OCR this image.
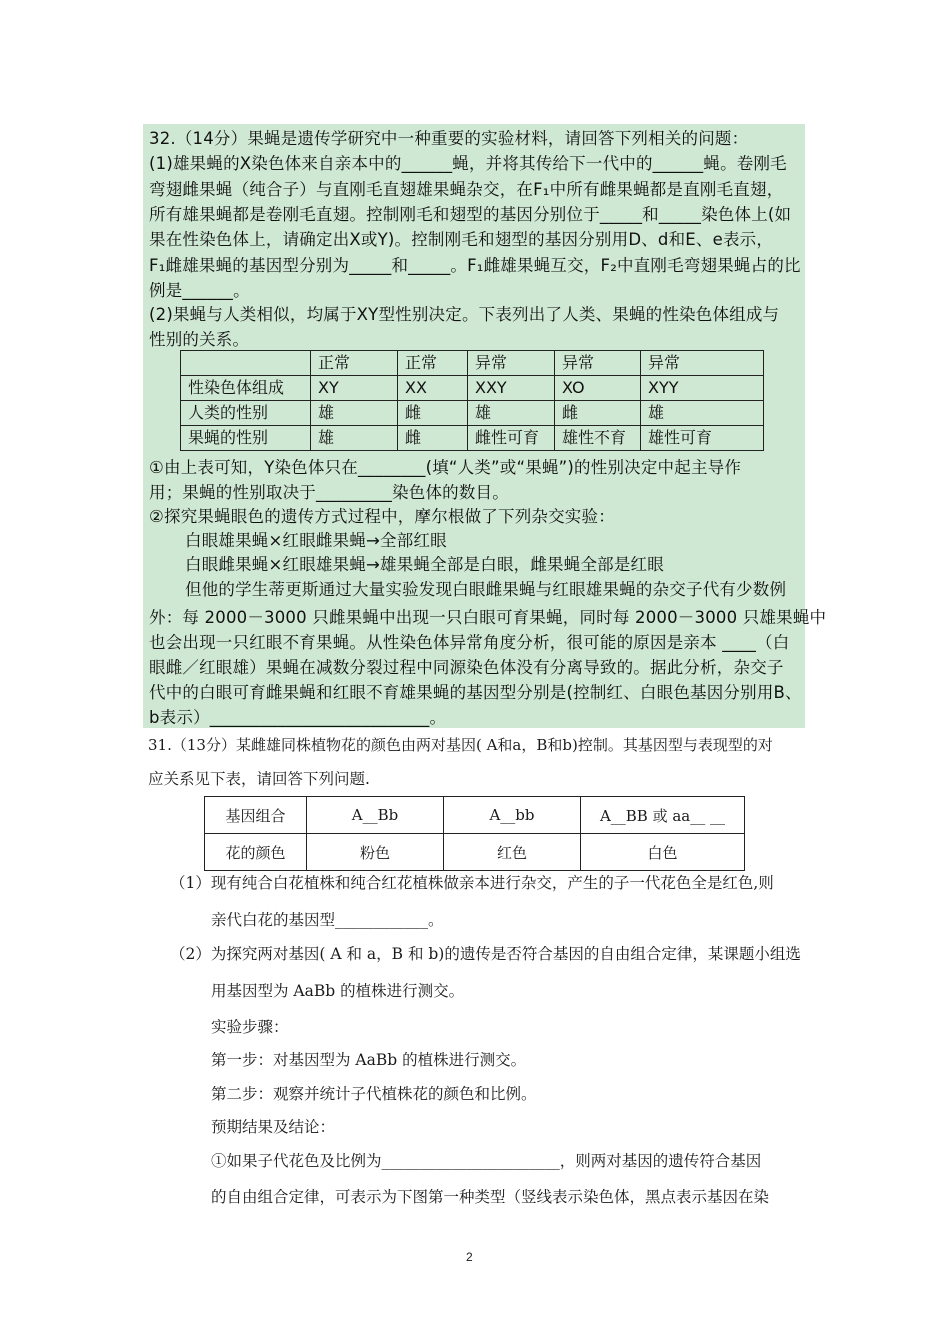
32.（14分）果蝇是遗传学研究中一种重要的实验材料，请回答下列相关的问题：
(1)雄果蝇的X染色体来自亲本中的______蝇，并将其传给下一代中的______蝇。卷刚毛
弯翅雌果蝇（纯合子）与直刚毛直翅雄果蝇杂交，在F₁中所有雌果蝇都是直刚毛直翅，
所有雄果蝇都是卷刚毛直翅。控制刚毛和翅型的基因分别位于_____和_____染色体上(如
果在性染色体上，请确定出X或Y)。控制刚毛和翅型的基因分别用D、d和E、e表示，
F₁雌雄果蝇的基因型分别为_____和_____。F₁雌雄果蝇互交，F₂中直刚毛弯翅果蝇占的比
例是______。
(2)果蝇与人类相似，均属于XY型性别决定。下表列出了人类、果蝇的性染色体组成与
性别的关系。
	正常	正常	异常	异常	异常
性染色体组成	XY	XX	XXY	XO	XYY
人类的性别	雄	雌	雄	雌	雄
果蝇的性别	雄	雌	雌性可育	雄性不育	雄性可育
①由上表可知，Y染色体只在________(填“人类”或“果蝇”)的性别决定中起主导作
用；果蝇的性别取决于_________染色体的数目。
②探究果蝇眼色的遗传方式过程中，摩尔根做了下列杂交实验：
白眼雄果蝇×红眼雌果蝇→全部红眼
白眼雌果蝇×红眼雄果蝇→雄果蝇全部是白眼，雌果蝇全部是红眼
但他的学生蒂更斯通过大量实验发现白眼雌果蝇与红眼雄果蝇的杂交子代有少数例
外：每 2000－3000 只雌果蝇中出现一只白眼可育果蝇，同时每 2000－3000 只雄果蝇中
也会出现一只红眼不育果蝇。从性染色体异常角度分析，很可能的原因是亲本 ____（白
眼雌／红眼雄）果蝇在减数分裂过程中同源染色体没有分离导致的。据此分析，杂交子
代中的白眼可育雌果蝇和红眼不育雄果蝇的基因型分别是(控制红、白眼色基因分别用B、
b表示）__________________________。
31.（13分）某雌雄同株植物花的颜色由两对基因( A和a，B和b)控制。其基因型与表现型的对
应关系见下表，请回答下列问题.
基因组合	A__Bb	A__bb	A__BB 或 aa__ __
花的颜色	粉色	红色	白色
（1）现有纯合白花植株和纯合红花植株做亲本进行杂交，产生的子一代花色全是红色,则
亲代白花的基因型____________。
（2）为探究两对基因( A 和 a，B 和 b)的遗传是否符合基因的自由组合定律，某课题小组选
用基因型为 AaBb 的植株进行测交。
实验步骤：
第一步：对基因型为 AaBb 的植株进行测交。
第二步：观察并统计子代植株花的颜色和比例。
预期结果及结论：
①如果子代花色及比例为_______________________，则两对基因的遗传符合基因
的自由组合定律，可表示为下图第一种类型（竖线表示染色体，黑点表示基因在染
2
